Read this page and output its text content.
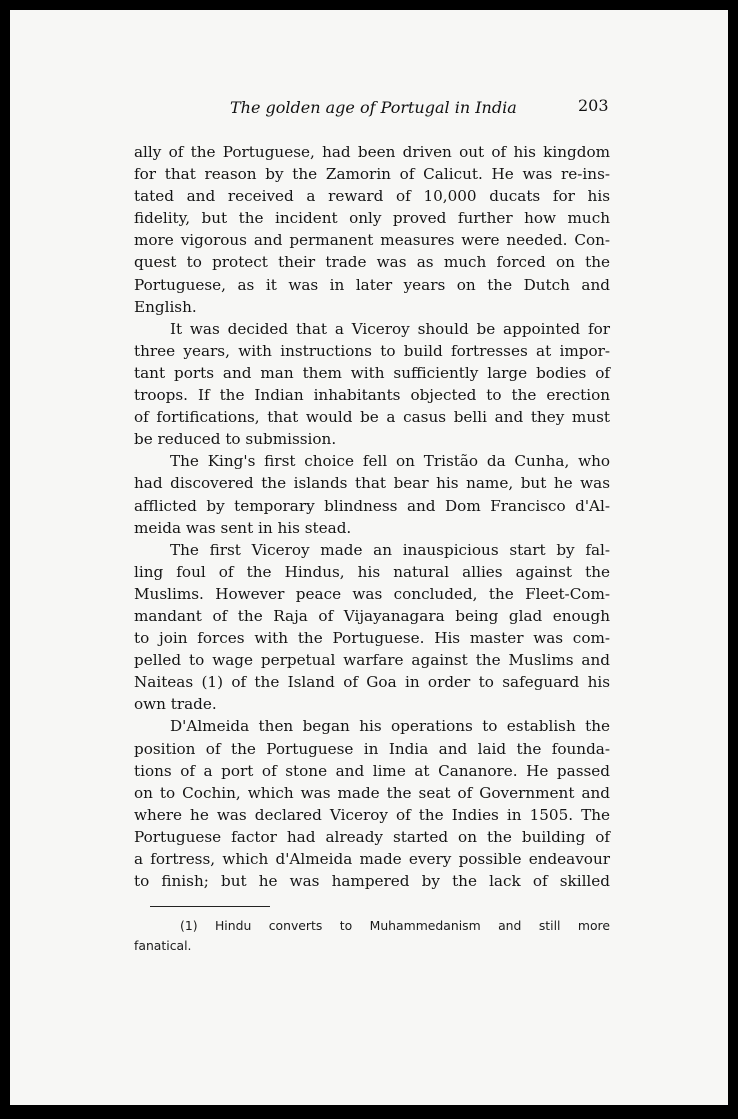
The golden age of Portugal in India	203
ally of the Portuguese, had been driven out of his kingdom
for that reason by the Zamorin of Calicut. He was re-ins-
tated and received a reward of 10,000 ducats for his
fidelity, but the incident only proved further how much
more vigorous and permanent measures were needed. Con-
quest to protect their trade was as much forced on the
Portuguese, as it was in later years on the Dutch and
English.
It was decided that a Viceroy should be appointed for
three years, with instructions to build fortresses at impor-
tant ports and man them with sufficiently large bodies of
troops. If the Indian inhabitants objected to the erection
of fortifications, that would be a casus belli and they must
be reduced to submission.
The King's first choice fell on Tristão da Cunha, who
had discovered the islands that bear his name, but he was
afflicted by temporary blindness and Dom Francisco d'Al-
meida was sent in his stead.
The first Viceroy made an inauspicious start by fal-
ling foul of the Hindus, his natural allies against the
Muslims. However peace was concluded, the Fleet-Com-
mandant of the Raja of Vijayanagara being glad enough
to join forces with the Portuguese. His master was com-
pelled to wage perpetual warfare against the Muslims and
Naiteas (1) of the Island of Goa in order to safeguard his
own trade.
D'Almeida then began his operations to establish the
position of the Portuguese in India and laid the founda-
tions of a port of stone and lime at Cananore. He passed
on to Cochin, which was made the seat of Government and
where he was declared Viceroy of the Indies in 1505. The
Portuguese factor had already started on the building of
a fortress, which d'Almeida made every possible endeavour
to finish; but he was hampered by the lack of skilled
(1) Hindu converts to Muhammedanism and still more
fanatical.
